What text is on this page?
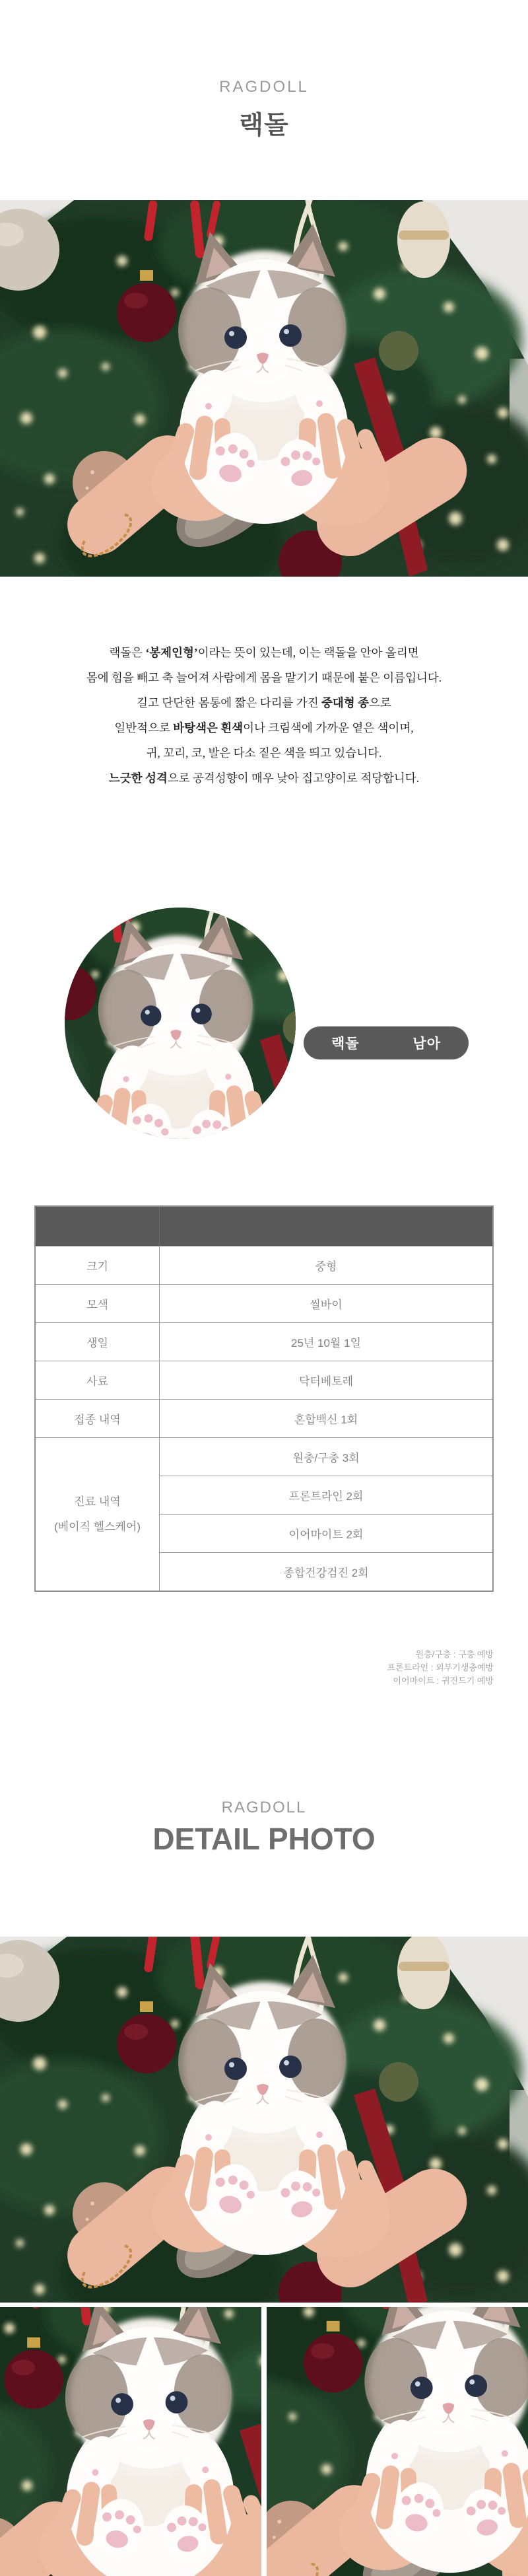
RAGDOLL
랙돌
랙돌은 ‘봉제인형’이라는 뜻이 있는데, 이는 랙돌을 안아 올리면
몸에 힘을 빼고 축 늘어져 사람에게 몸을 맡기기 때문에 붙은 이름입니다.
길고 단단한 몸통에 짧은 다리를 가진 중대형 종으로
일반적으로 바탕색은 흰색이나 크림색에 가까운 옅은 색이며,
귀, 꼬리, 코, 발은 다소 짙은 색을 띄고 있습니다.
느긋한 성격으로 공격성향이 매우 낮아 집고양이로 적당합니다.
랙돌	남아

크기	중형
모색	씰바이
생일	25년 10월 1일
사료	닥터베토레
접종 내역	혼합백신 1회

진료 내역
(베이직 헬스케어)	원충/구충 3회
	프론트라인 2회
	이어마이트 2회
	종합건강검진 2회
원충/구충 : 구충 예방
프론트라인 : 외부기생충예방
이어마이트 : 귀진드기 예방
RAGDOLL
DETAIL PHOTO
